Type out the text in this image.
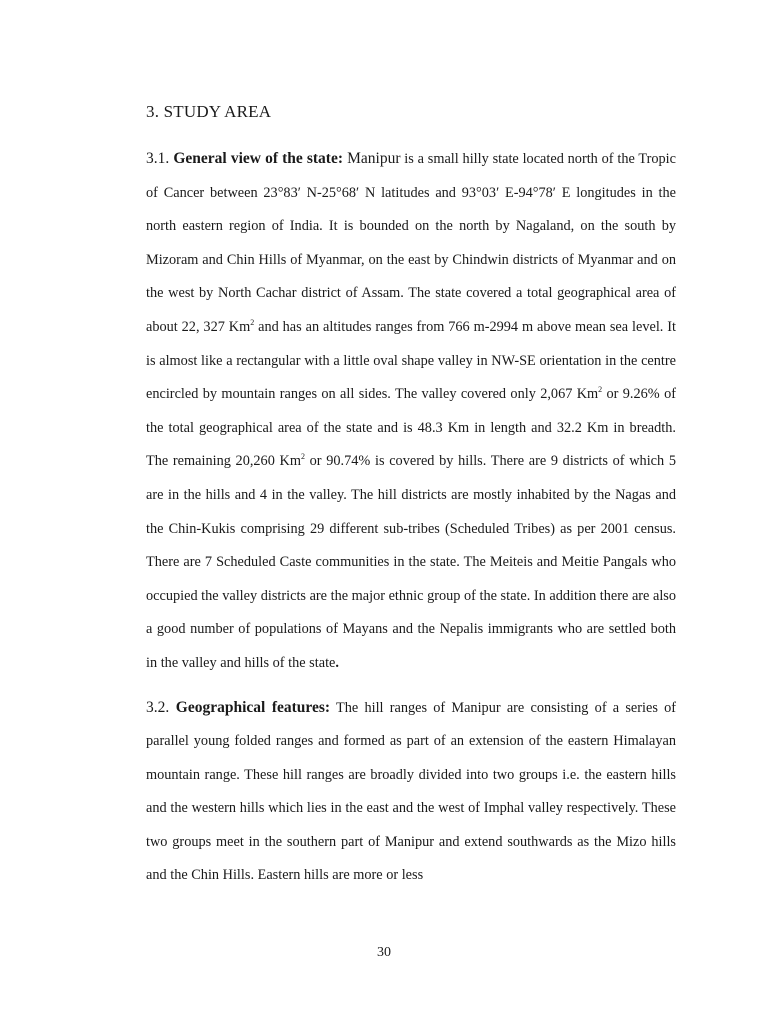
3. STUDY AREA

3.1. General view of the state: Manipur is a small hilly state located north of the Tropic of Cancer between 23°83′ N-25°68′ N latitudes and 93°03′ E-94°78′ E longitudes in the north eastern region of India. It is bounded on the north by Nagaland, on the south by Mizoram and Chin Hills of Myanmar, on the east by Chindwin districts of Myanmar and on the west by North Cachar district of Assam. The state covered a total geographical area of about 22, 327 Km$^2$ and has an altitudes ranges from 766 m-2994 m above mean sea level. It is almost like a rectangular with a little oval shape valley in NW-SE orientation in the centre encircled by mountain ranges on all sides. The valley covered only 2,067 Km$^2$ or 9.26% of the total geographical area of the state and is 48.3 Km in length and 32.2 Km in breadth. The remaining 20,260 Km$^2$ or 90.74% is covered by hills. There are 9 districts of which 5 are in the hills and 4 in the valley. The hill districts are mostly inhabited by the Nagas and the Chin-Kukis comprising 29 different sub-tribes (Scheduled Tribes) as per 2001 census. There are 7 Scheduled Caste communities in the state. The Meiteis and Meitie Pangals who occupied the valley districts are the major ethnic group of the state. In addition there are also a good number of populations of Mayans and the Nepalis immigrants who are settled both in the valley and hills of the state.

3.2. Geographical features: The hill ranges of Manipur are consisting of a series of parallel young folded ranges and formed as part of an extension of the eastern Himalayan mountain range. These hill ranges are broadly divided into two groups i.e. the eastern hills and the western hills which lies in the east and the west of Imphal valley respectively. These two groups meet in the southern part of Manipur and extend southwards as the Mizo hills and the Chin Hills. Eastern hills are more or less

30
